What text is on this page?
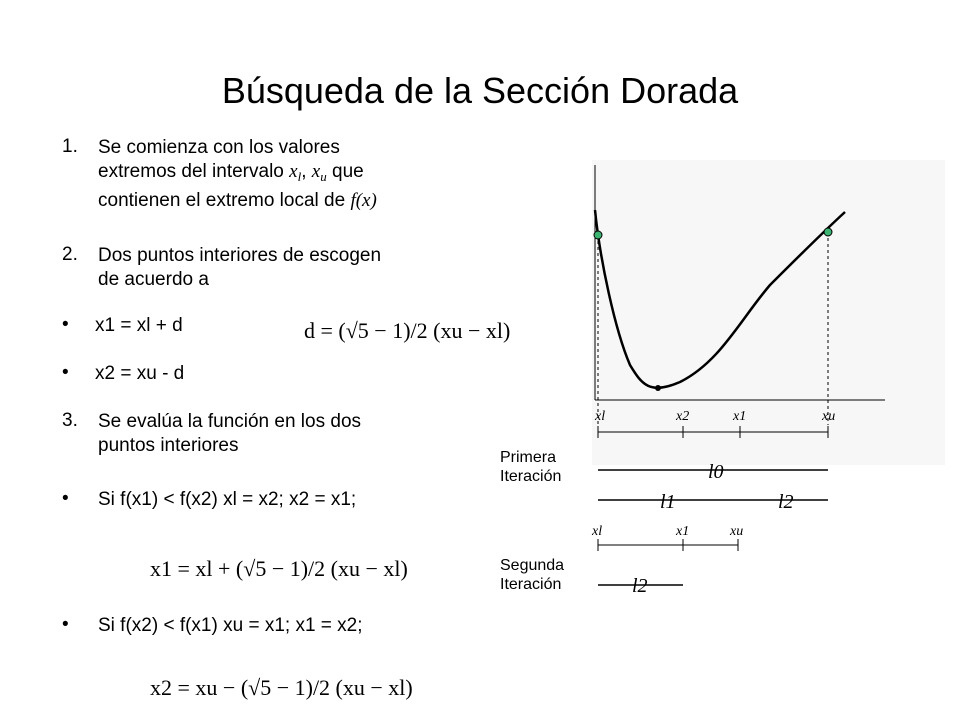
Búsqueda de la Sección Dorada
1. Se comienza con los valores
extremos del intervalo $x_l$, $x_u$ que
contienen el extremo local de f(x)
2. Dos puntos interiores de escogen
de acuerdo a
• x1 = xl + d
• x2 = xu - d
d = (√5 − 1)/2 (xu − xl)
3. Se evalúa la función en los dos
puntos interiores
• Si f(x1) < f(x2) xl = x2; x2 = x1;
x1 = xl + (√5 − 1)/2 (xu − xl)
• Si f(x2) < f(x1) xu = x1; x1 = x2;
x2 = xu − (√5 − 1)/2 (xu − xl)
xl	x2	x1	xu
l0
l1	l2
xl	x1	xu
l2
Primera
Iteración
Segunda
Iteración
